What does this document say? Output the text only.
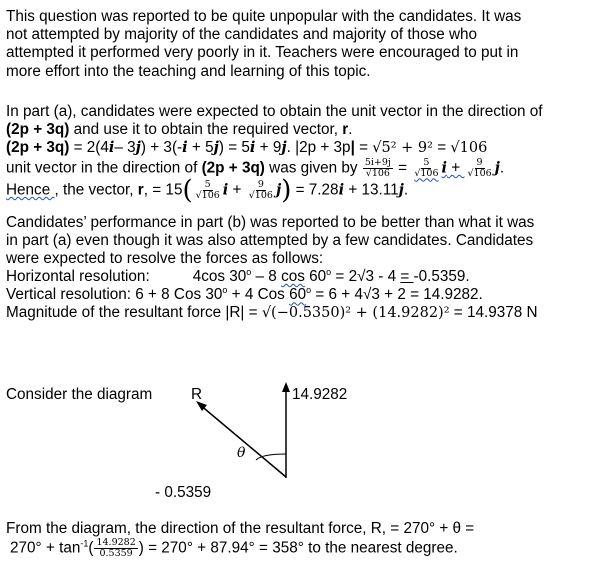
This question was reported to be quite unpopular with the candidates. It was
not attempted by majority of the candidates and majority of those who
attempted it performed very poorly in it. Teachers were encouraged to put in
more effort into the teaching and learning of this topic.
In part (a), candidates were expected to obtain the unit vector in the direction of
(2p + 3q) and use it to obtain the required vector, r.
(2p + 3q) = 2(4i– 3j) + 3(-i + 5j) = 5i + 9j. |2p + 3p| = √5² + 9² = √106
unit vector in the direction of (2p + 3q) was given by $\frac{5i+9j}{√106} = \frac{5}{√106}$ $i + \frac{9}{√106} j$.
Hence , the vector, r, = $15( \frac{5}{√106}$ $i + \frac{9}{√106} j) = 7.28i + 13.11j$.
Candidates’ performance in part (b) was reported to be better than what it was
in part (a) even though it was also attempted by a few candidates. Candidates
were expected to resolve the forces as follows:
Horizontal resolution:	4cos 30$^o$ – 8 $\cos 60^o = 2√3 - 4 = -0.5359$.
Vertical resolution: 6 + 8 Cos $30^o + 4$ Cos $60^o = 6 + 4√3 + 2 = 14.9282$.
Magnitude of the resultant force |R| = √(−0.5350)² + (14.9282)² = 14.9378 N
Consider the diagram	R	14.9282
θ
- 0.5359
From the diagram, the direction of the resultant force, R, = 270° + θ =
$270^\circ + \tan^{-1}( \frac{14.9282}{0.5359}$ ) = 270° + 87.94° = 358° to the nearest degree.
